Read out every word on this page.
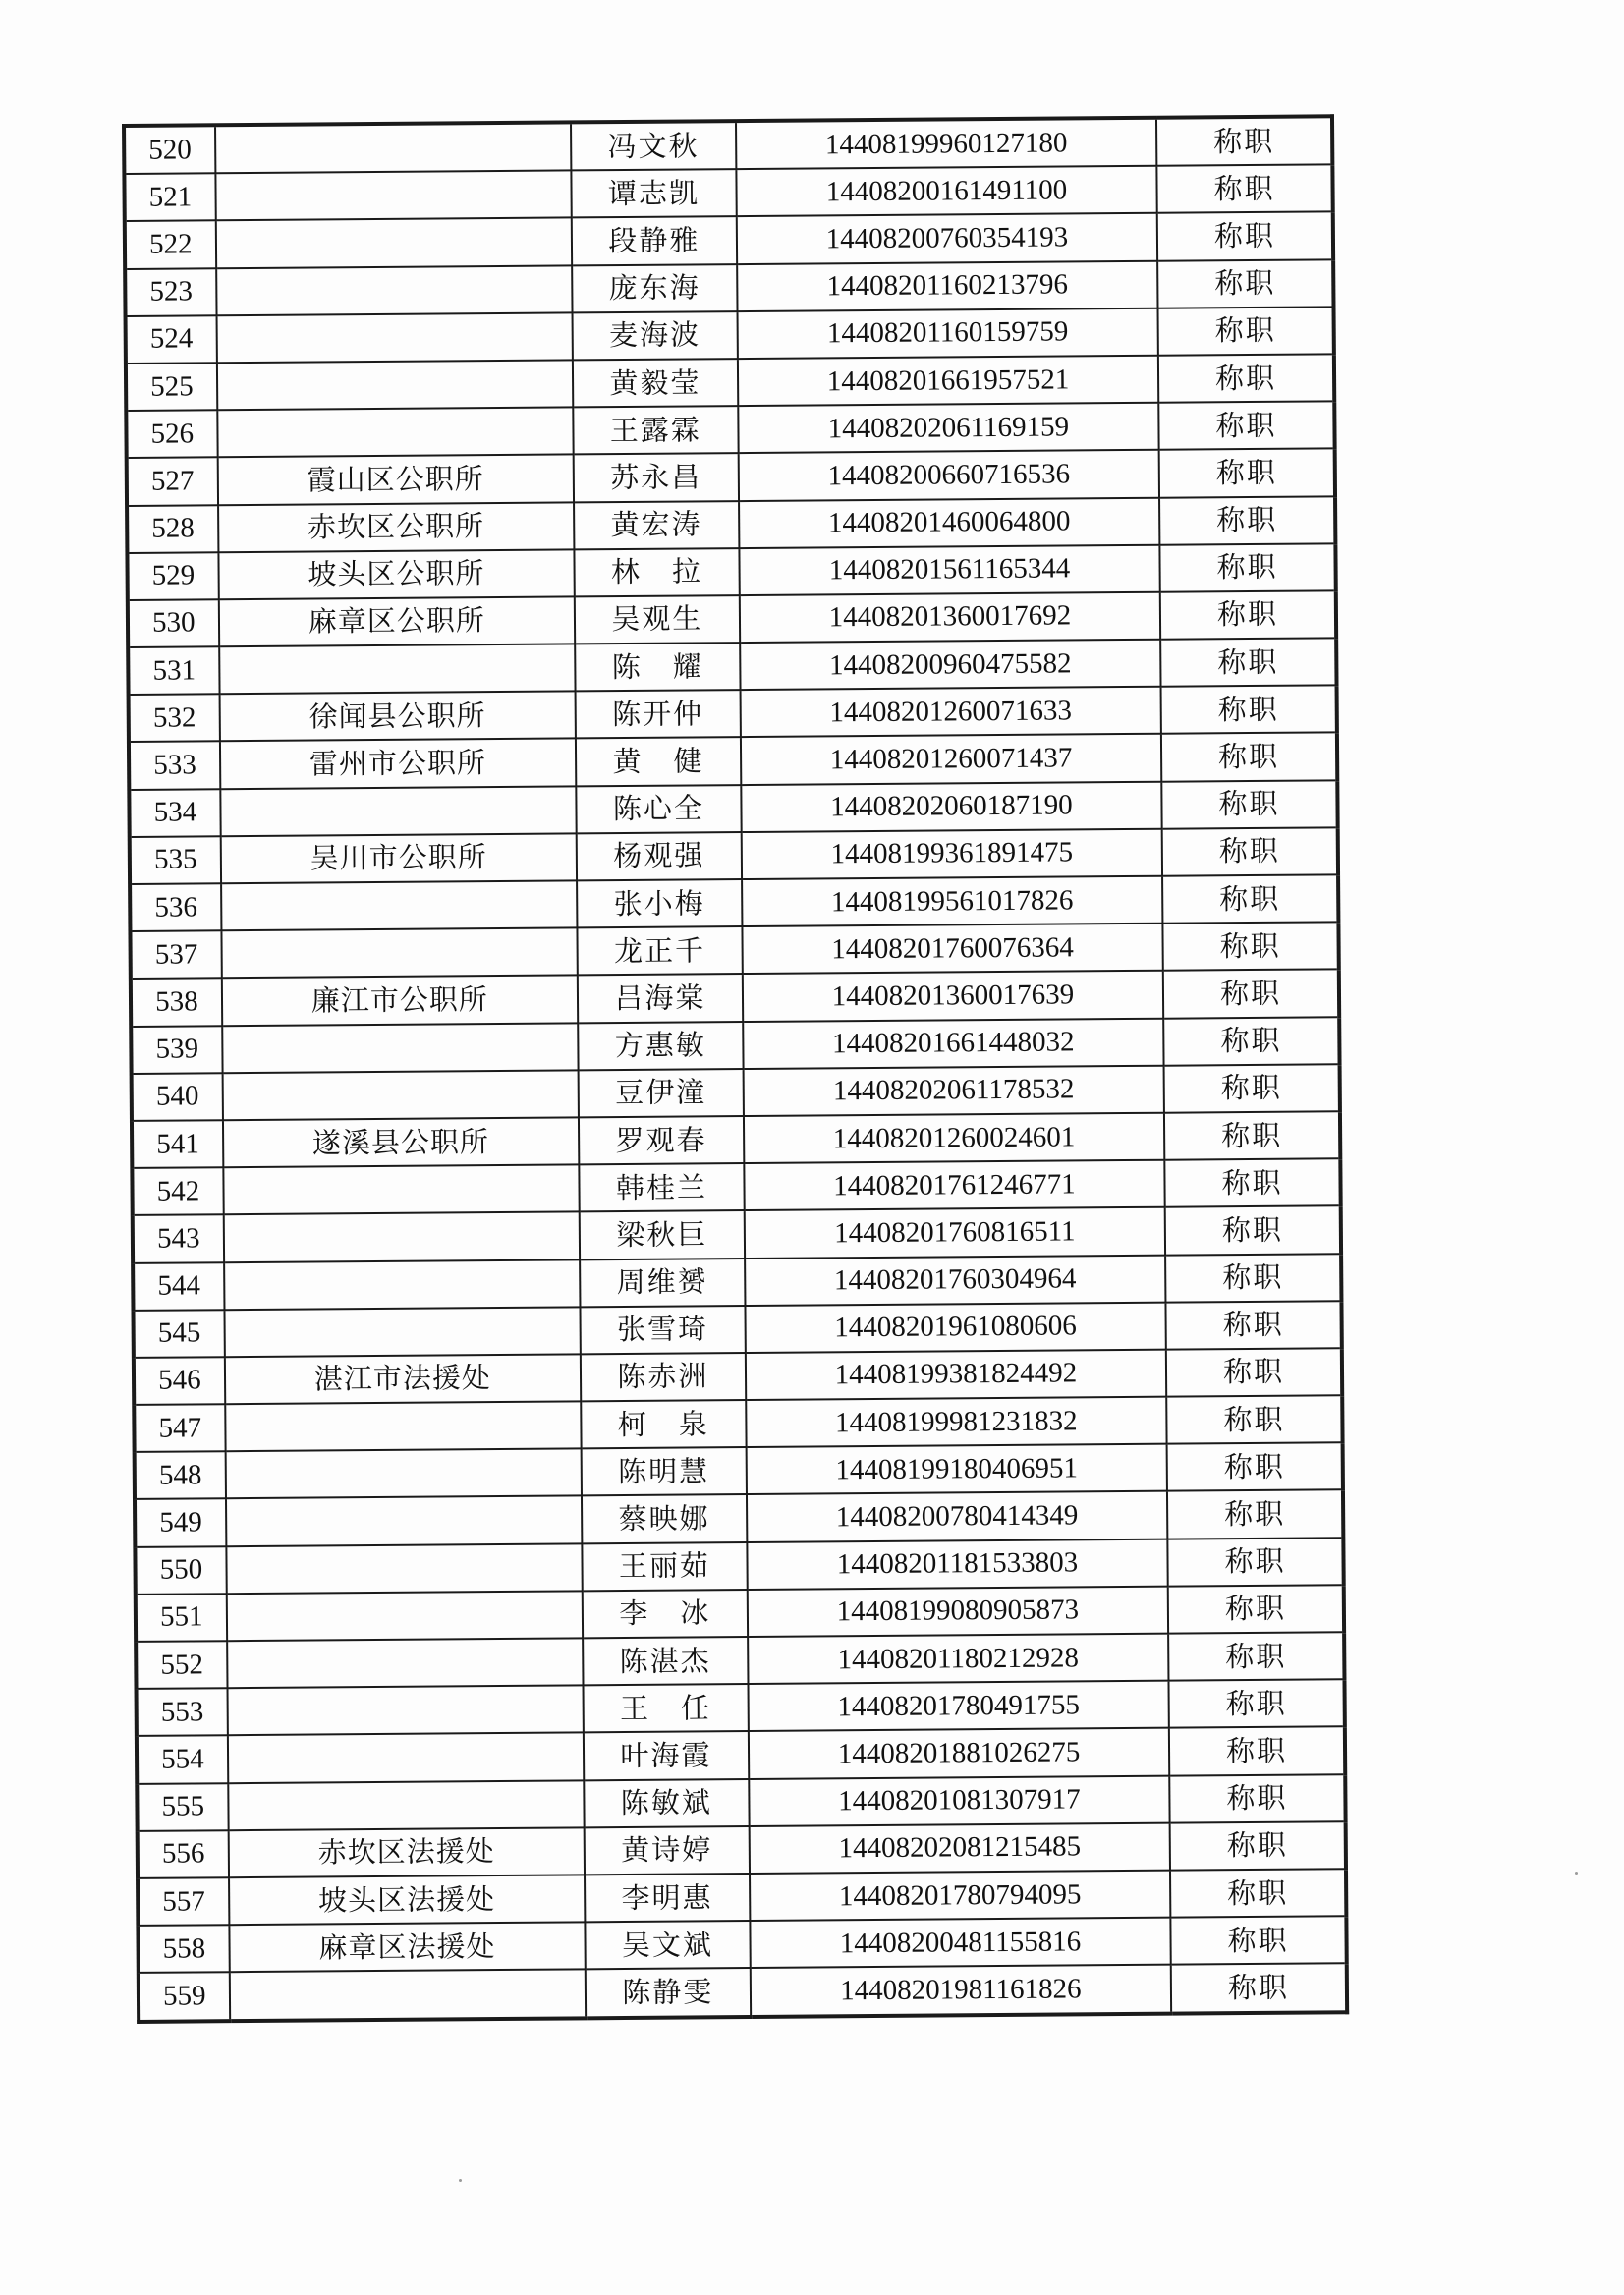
520		冯文秋	14408199960127180	称职
521		谭志凯	14408200161491100	称职
522		段静雅	14408200760354193	称职
523		庞东海	14408201160213796	称职
524		麦海波	14408201160159759	称职
525		黄毅莹	14408201661957521	称职
526		王露霖	14408202061169159	称职
527	霞山区公职所	苏永昌	14408200660716536	称职
528	赤坎区公职所	黄宏涛	14408201460064800	称职
529	坡头区公职所	林　拉	14408201561165344	称职
530	麻章区公职所	吴观生	14408201360017692	称职
531		陈　耀	14408200960475582	称职
532	徐闻县公职所	陈开仲	14408201260071633	称职
533	雷州市公职所	黄　健	14408201260071437	称职
534		陈心全	14408202060187190	称职
535	吴川市公职所	杨观强	14408199361891475	称职
536		张小梅	14408199561017826	称职
537		龙正千	14408201760076364	称职
538	廉江市公职所	吕海棠	14408201360017639	称职
539		方惠敏	14408201661448032	称职
540		豆伊潼	14408202061178532	称职
541	遂溪县公职所	罗观春	14408201260024601	称职
542		韩桂兰	14408201761246771	称职
543		梁秋巨	14408201760816511	称职
544		周维赟	14408201760304964	称职
545		张雪琦	14408201961080606	称职
546	湛江市法援处	陈赤洲	14408199381824492	称职
547		柯　泉	14408199981231832	称职
548		陈明慧	14408199180406951	称职
549		蔡映娜	14408200780414349	称职
550		王丽茹	14408201181533803	称职
551		李　冰	14408199080905873	称职
552		陈湛杰	14408201180212928	称职
553		王　任	14408201780491755	称职
554		叶海霞	14408201881026275	称职
555		陈敏斌	14408201081307917	称职
556	赤坎区法援处	黄诗婷	14408202081215485	称职
557	坡头区法援处	李明惠	14408201780794095	称职
558	麻章区法援处	吴文斌	14408200481155816	称职
559		陈静雯	14408201981161826	称职
